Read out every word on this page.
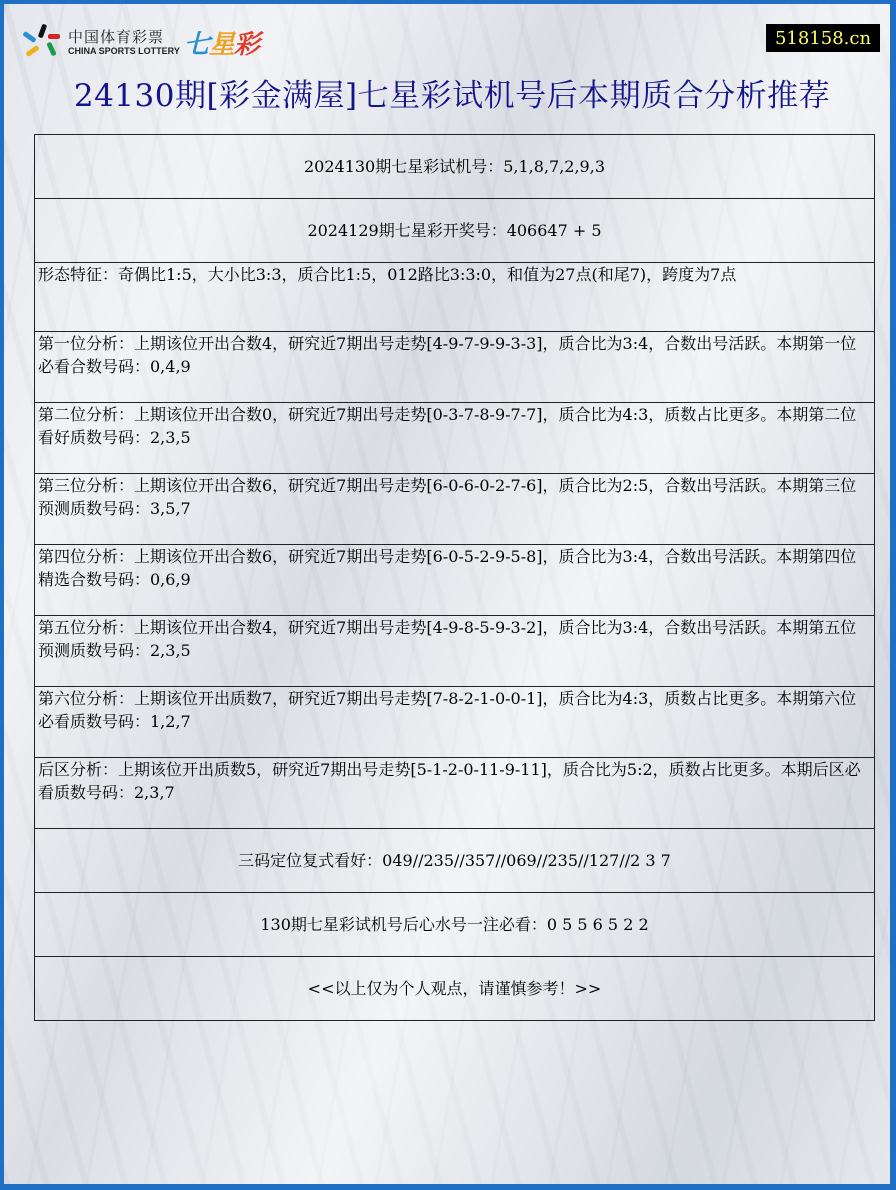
中国体育彩票
CHINA SPORTS LOTTERY 七星彩	518158.cn
24130期[彩金满屋]七星彩试机号后本期质合分析推荐
2024130期七星彩试机号：5,1,8,7,2,9,3
2024129期七星彩开奖号：406647 + 5
形态特征：奇偶比1:5，大小比3:3，质合比1:5，012路比3:3:0，和值为27点(和尾7)，跨度为7点
第一位分析：上期该位开出合数4，研究近7期出号走势[4-9-7-9-9-3-3]，质合比为3:4，合数出号活跃。本期第一位必看合数号码：0,4,9
第二位分析：上期该位开出合数0，研究近7期出号走势[0-3-7-8-9-7-7]，质合比为4:3，质数占比更多。本期第二位看好质数号码：2,3,5
第三位分析：上期该位开出合数6，研究近7期出号走势[6-0-6-0-2-7-6]，质合比为2:5，合数出号活跃。本期第三位预测质数号码：3,5,7
第四位分析：上期该位开出合数6，研究近7期出号走势[6-0-5-2-9-5-8]，质合比为3:4，合数出号活跃。本期第四位精选合数号码：0,6,9
第五位分析：上期该位开出合数4，研究近7期出号走势[4-9-8-5-9-3-2]，质合比为3:4，合数出号活跃。本期第五位预测质数号码：2,3,5
第六位分析：上期该位开出质数7，研究近7期出号走势[7-8-2-1-0-0-1]，质合比为4:3，质数占比更多。本期第六位必看质数号码：1,2,7
后区分析：上期该位开出质数5，研究近7期出号走势[5-1-2-0-11-9-11]，质合比为5:2，质数占比更多。本期后区必看质数号码：2,3,7
三码定位复式看好：049//235//357//069//235//127//2 3 7
130期七星彩试机号后心水号一注必看：0 5 5 6 5 2 2
<<以上仅为个人观点，请谨慎参考！>>
